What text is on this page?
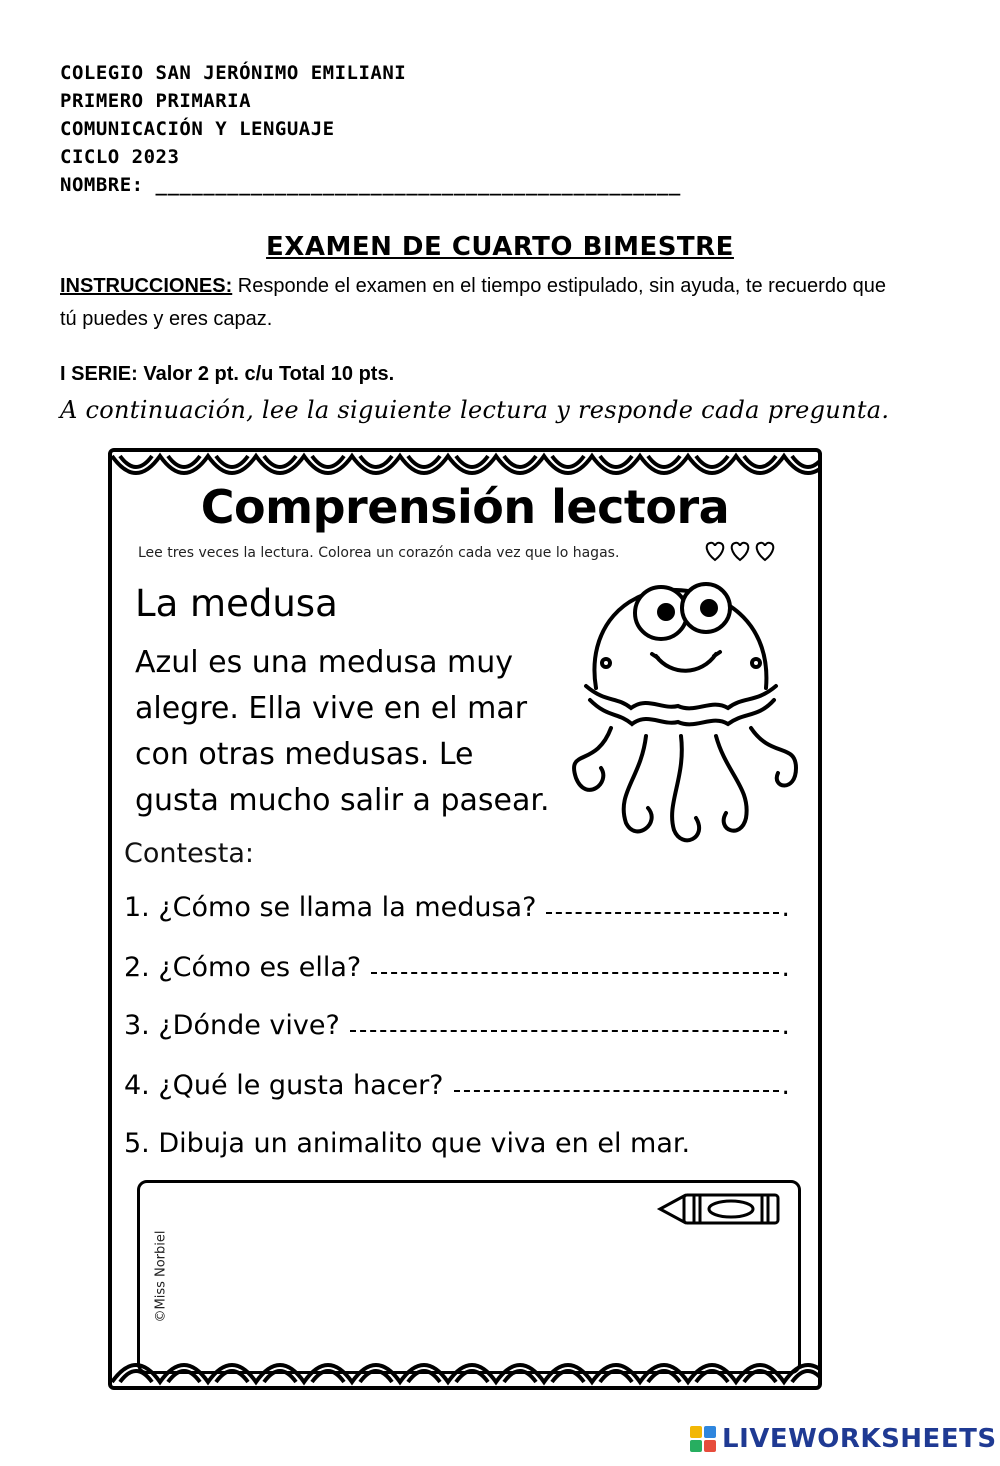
COLEGIO SAN JERÓNIMO EMILIANI
PRIMERO PRIMARIA
COMUNICACIÓN Y LENGUAJE
CICLO 2023
NOMBRE: ____________________________________________
EXAMEN DE CUARTO BIMESTRE
INSTRUCCIONES: Responde el examen en el tiempo estipulado, sin ayuda, te recuerdo que tú puedes y eres capaz.
I SERIE: Valor 2 pt. c/u Total 10 pts.
A continuación, lee la siguiente lectura y responde cada pregunta.
Comprensión lectora
Lee tres veces la lectura. Colorea un corazón cada vez que lo hagas.
La medusa
Azul es una medusa muy
alegre. Ella vive en el mar
con otras medusas. Le
gusta mucho salir a pasear.
Contesta:
1. ¿Cómo se llama la medusa?	.
2. ¿Cómo es ella?	.
3. ¿Dónde vive?	.
4. ¿Qué le gusta hacer?	.
5. Dibuja un animalito que viva en el mar.
©Miss Norbiel
LIVEWORKSHEETS
